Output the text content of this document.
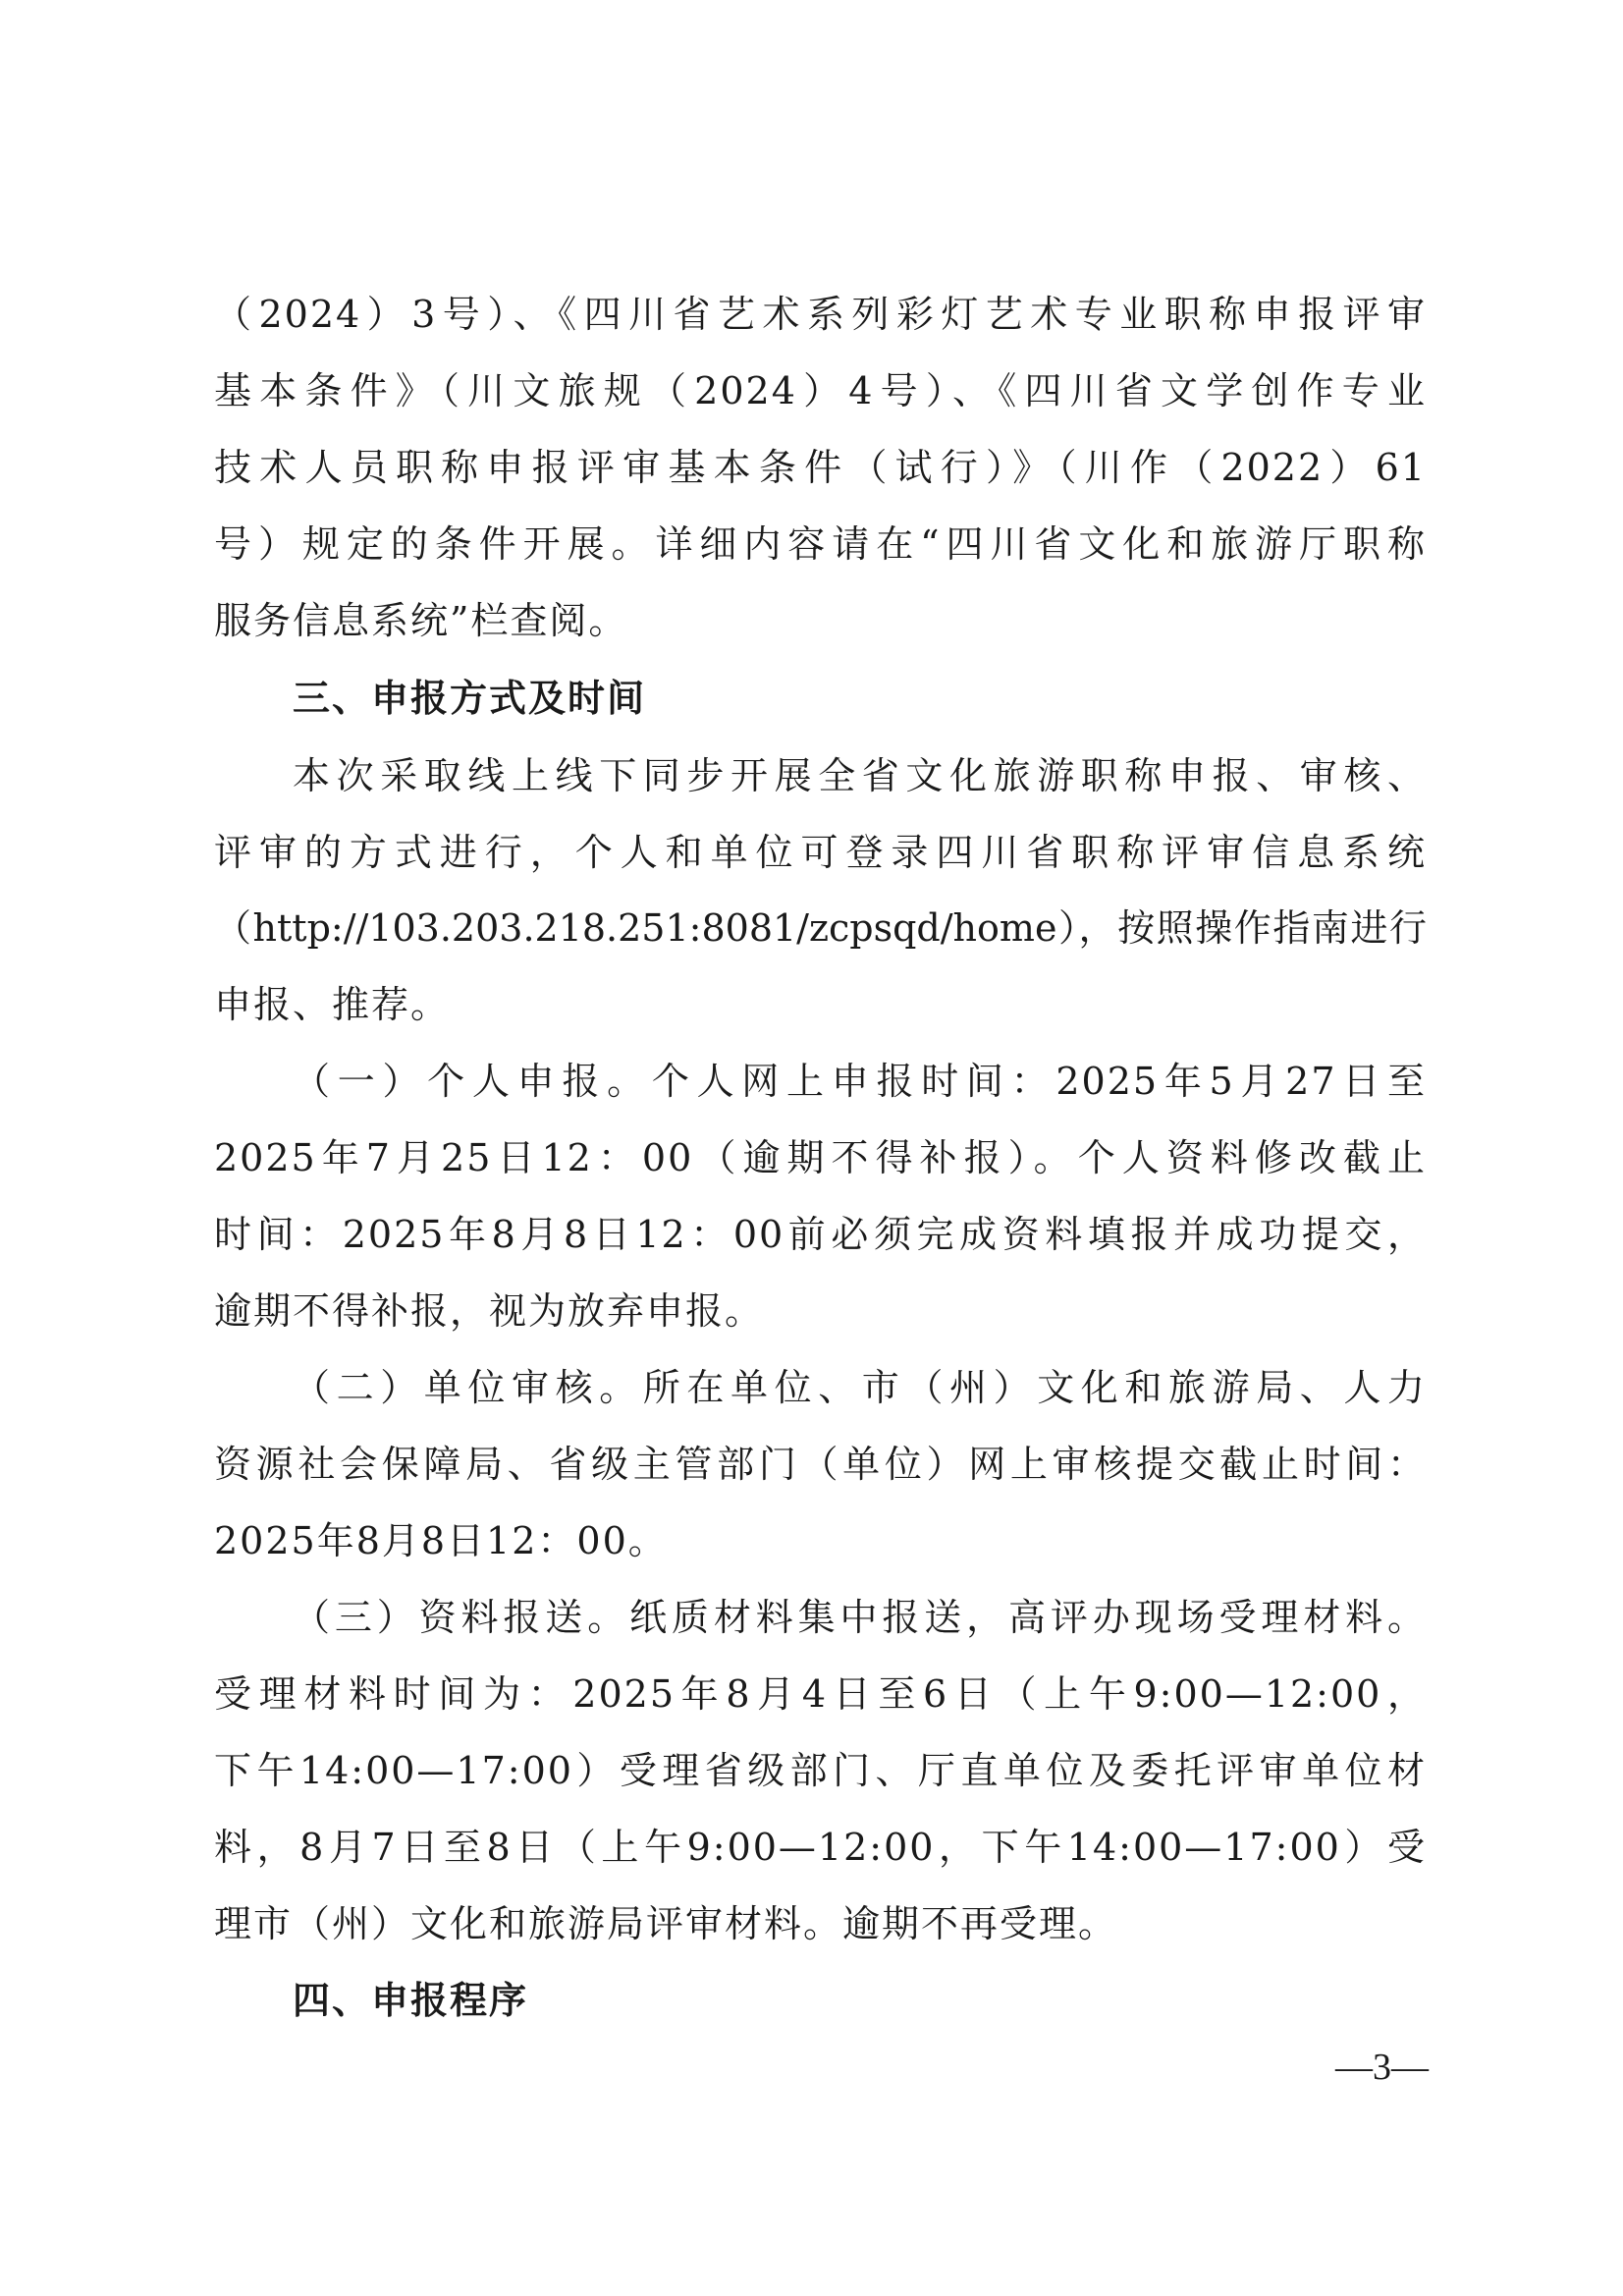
（2024）3号）、《四川省艺术系列彩灯艺术专业职称申报评审
基本条件》（川文旅规（2024）4号）、《四川省文学创作专业
技术人员职称申报评审基本条件（试行）》（川作（2022）61
号）规定的条件开展。详细内容请在“四川省文化和旅游厅职称
服务信息系统”栏查阅。
三、申报方式及时间
本次采取线上线下同步开展全省文化旅游职称申报、审核、
评审的方式进行，个人和单位可登录四川省职称评审信息系统
（http://103.203.218.251:8081/zcpsqd/home），按照操作指南进行
申报、推荐。
（一）个人申报。个人网上申报时间：2025年5月27日至
2025年7月25日12：00（逾期不得补报）。个人资料修改截止
时间：2025年8月8日12：00前必须完成资料填报并成功提交，
逾期不得补报，视为放弃申报。
（二）单位审核。所在单位、市（州）文化和旅游局、人力
资源社会保障局、省级主管部门（单位）网上审核提交截止时间：
2025年8月8日12：00。
（三）资料报送。纸质材料集中报送，高评办现场受理材料。
受理材料时间为：2025年8月4日至6日（上午9:00—12:00，
下午14:00—17:00）受理省级部门、厅直单位及委托评审单位材
料，8月7日至8日（上午9:00—12:00，下午14:00—17:00）受
理市（州）文化和旅游局评审材料。逾期不再受理。
四、申报程序
—3—
